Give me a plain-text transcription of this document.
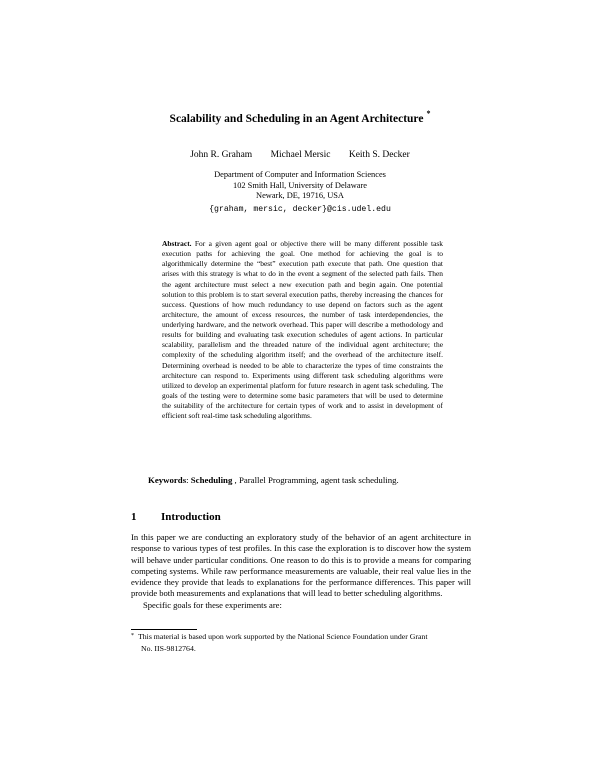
Scalability and Scheduling in an Agent Architecture *
John R. Graham Michael Mersic Keith S. Decker
Department of Computer and Information Sciences
102 Smith Hall, University of Delaware
Newark, DE, 19716, USA
{graham, mersic, decker}@cis.udel.edu
Abstract. For a given agent goal or objective there will be many different possible task execution paths for achieving the goal. One method for achieving the goal is to algorithmically determine the “best” execution path execute that path. One question that arises with this strategy is what to do in the event a segment of the selected path fails. Then the agent architecture must select a new execution path and begin again. One potential solution to this problem is to start several execution paths, thereby increasing the chances for success. Questions of how much redundancy to use depend on factors such as the agent architecture, the amount of excess resources, the number of task interdependencies, the underlying hardware, and the network overhead. This paper will describe a methodology and results for building and evaluating task execution schedules of agent actions. In particular scalability, parallelism and the threaded nature of the individual agent architecture; the complexity of the scheduling algorithm itself; and the overhead of the architecture itself. Determining overhead is needed to be able to characterize the types of time constraints the architecture can respond to. Experiments using different task scheduling algorithms were utilized to develop an experimental platform for future research in agent task scheduling. The goals of the testing were to determine some basic parameters that will be used to determine the suitability of the architecture for certain types of work and to assist in development of efficient soft real-time task scheduling algorithms.
Keywords: Scheduling , Parallel Programming, agent task scheduling.
1 Introduction
In this paper we are conducting an exploratory study of the behavior of an agent architecture in response to various types of test profiles. In this case the exploration is to discover how the system will behave under particular conditions. One reason to do this is to provide a means for comparing competing systems. While raw performance measurements are valuable, their real value lies in the evidence they provide that leads to explanations for the performance differences. This paper will provide both measurements and explanations that will lead to better scheduling algorithms.
Specific goals for these experiments are:
* This material is based upon work supported by the National Science Foundation under Grant
No. IIS-9812764.
